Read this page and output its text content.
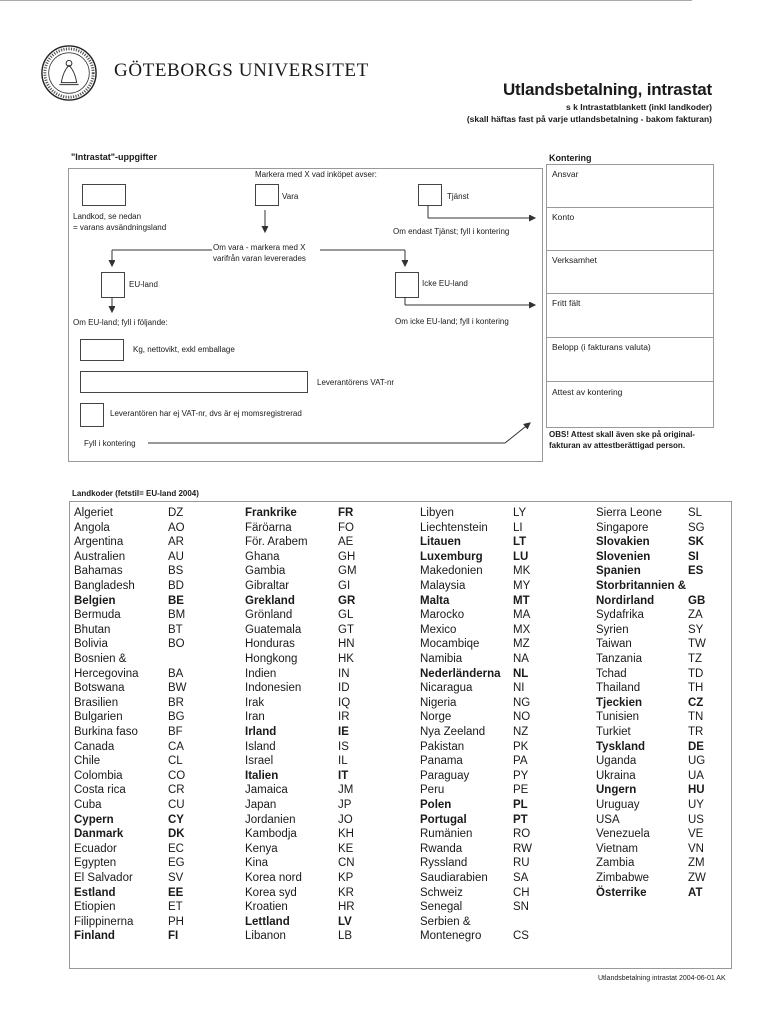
GÖTEBORGS UNIVERSITET
Utlandsbetalning, intrastat
s k Intrastatblankett (inkl landkoder)
(skall häftas fast på varje utlandsbetalning - bakom fakturan)
"Intrastat"-uppgifter
Markera med X vad inköpet avser:
Landkod, se nedan
= varans avsändningsland
Vara	Tjänst
Om endast Tjänst; fyll i kontering
Om vara - markera med X
varifrån varan levererades
EU-land	Icke EU-land
Om EU-land; fyll i följande:	Om icke EU-land; fyll i kontering
Kg, nettovikt, exkl emballage
Leverantörens VAT-nr
Leverantören har ej VAT-nr, dvs är ej momsregistrerad
Fyll i kontering
Kontering
Ansvar
Konto
Verksamhet
Fritt fält
Belopp (i fakturans valuta)
Attest av kontering
OBS! Attest skall även ske på original-
fakturan av attestberättigad person.
Landkoder (fetstil= EU-land 2004)
Algeriet	DZ
Angola	AO
Argentina	AR
Australien	AU
Bahamas	BS
Bangladesh	BD
Belgien	BE
Bermuda	BM
Bhutan	BT
Bolivia	BO
Bosnien &
Hercegovina	BA
Botswana	BW
Brasilien	BR
Bulgarien	BG
Burkina faso	BF
Canada	CA
Chile	CL
Colombia	CO
Costa rica	CR
Cuba	CU
Cypern	CY
Danmark	DK
Ecuador	EC
Egypten	EG
El Salvador	SV
Estland	EE
Etiopien	ET
Filippinerna	PH
Finland	FI
Frankrike	FR
Färöarna	FO
För. Arabem	AE
Ghana	GH
Gambia	GM
Gibraltar	GI
Grekland	GR
Grönland	GL
Guatemala	GT
Honduras	HN
Hongkong	HK
Indien	IN
Indonesien	ID
Irak	IQ
Iran	IR
Irland	IE
Island	IS
Israel	IL
Italien	IT
Jamaica	JM
Japan	JP
Jordanien	JO
Kambodja	KH
Kenya	KE
Kina	CN
Korea nord	KP
Korea syd	KR
Kroatien	HR
Lettland	LV
Libanon	LB
Libyen	LY
Liechtenstein LI
Litauen	LT
Luxemburg	LU
Makedonien	MK
Malaysia	MY
Malta	MT
Marocko	MA
Mexico	MX
Mocambiqe	MZ
Namibia	NA
Nederländerna NL
Nicaragua	NI
Nigeria	NG
Norge	NO
Nya Zeeland NZ
Pakistan	PK
Panama	PA
Paraguay	PY
Peru	PE
Polen	PL
Portugal	PT
Rumänien	RO
Rwanda	RW
Ryssland	RU
Saudiarabien SA
Schweiz	CH
Senegal	SN
Serbien &
Montenegro	CS
Sierra Leone SL
Singapore	SG
Slovakien	SK
Slovenien	SI
Spanien	ES
Storbritannien &
Nordirland	GB
Sydafrika	ZA
Syrien	SY
Taiwan	TW
Tanzania	TZ
Tchad	TD
Thailand	TH
Tjeckien	CZ
Tunisien	TN
Turkiet	TR
Tyskland	DE
Uganda	UG
Ukraina	UA
Ungern	HU
Uruguay	UY
USA	US
Venezuela	VE
Vietnam	VN
Zambia	ZM
Zimbabwe	ZW
Österrike	AT
Utlandsbetalning intrastat 2004-06-01 AK
